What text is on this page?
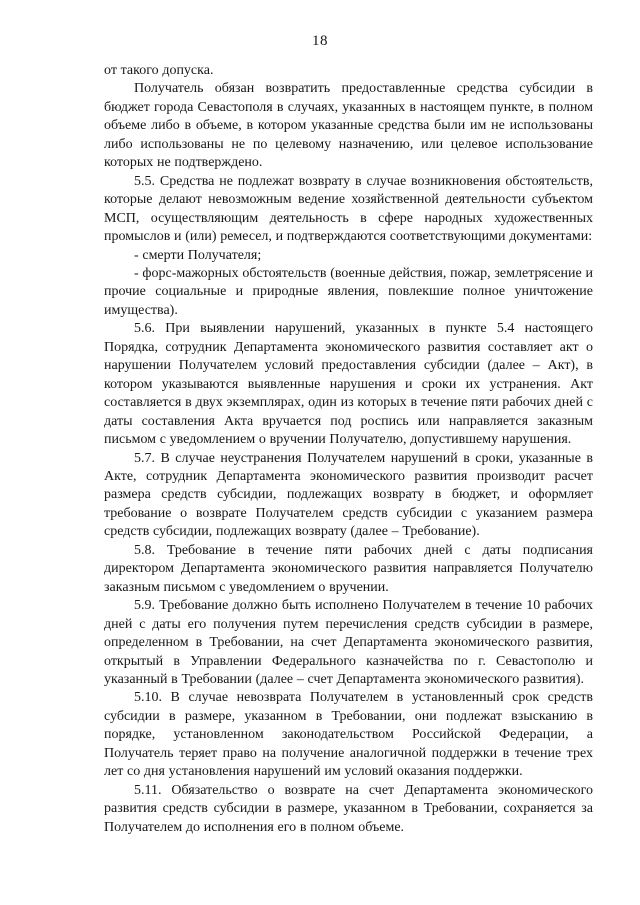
18

от такого допуска.

Получатель обязан возвратить предоставленные средства субсидии в бюджет города Севастополя в случаях, указанных в настоящем пункте, в полном объеме либо в объеме, в котором указанные средства были им не использованы либо использованы не по целевому назначению, или целевое использование которых не подтверждено.

5.5. Средства не подлежат возврату в случае возникновения обстоятельств, которые делают невозможным ведение хозяйственной деятельности субъектом МСП, осуществляющим деятельность в сфере народных художественных промыслов и (или) ремесел, и подтверждаются соответствующими документами:

- смерти Получателя;

- форс-мажорных обстоятельств (военные действия, пожар, землетрясение и прочие социальные и природные явления, повлекшие полное уничтожение имущества).

5.6. При выявлении нарушений, указанных в пункте 5.4 настоящего Порядка, сотрудник Департамента экономического развития составляет акт о нарушении Получателем условий предоставления субсидии (далее – Акт), в котором указываются выявленные нарушения и сроки их устранения. Акт составляется в двух экземплярах, один из которых в течение пяти рабочих дней с даты составления Акта вручается под роспись или направляется заказным письмом с уведомлением о вручении Получателю, допустившему нарушения.

5.7. В случае неустранения Получателем нарушений в сроки, указанные в Акте, сотрудник Департамента экономического развития производит расчет размера средств субсидии, подлежащих возврату в бюджет, и оформляет требование о возврате Получателем средств субсидии с указанием размера средств субсидии, подлежащих возврату (далее – Требование).

5.8. Требование в течение пяти рабочих дней с даты подписания директором Департамента экономического развития направляется Получателю заказным письмом с уведомлением о вручении.

5.9. Требование должно быть исполнено Получателем в течение 10 рабочих дней с даты его получения путем перечисления средств субсидии в размере, определенном в Требовании, на счет Департамента экономического развития, открытый в Управлении Федерального казначейства по г. Севастополю и указанный в Требовании (далее – счет Департамента экономического развития).

5.10. В случае невозврата Получателем в установленный срок средств субсидии в размере, указанном в Требовании, они подлежат взысканию в порядке, установленном законодательством Российской Федерации, а Получатель теряет право на получение аналогичной поддержки в течение трех лет со дня установления нарушений им условий оказания поддержки.

5.11. Обязательство о возврате на счет Департамента экономического развития средств субсидии в размере, указанном в Требовании, сохраняется за Получателем до исполнения его в полном объеме.
